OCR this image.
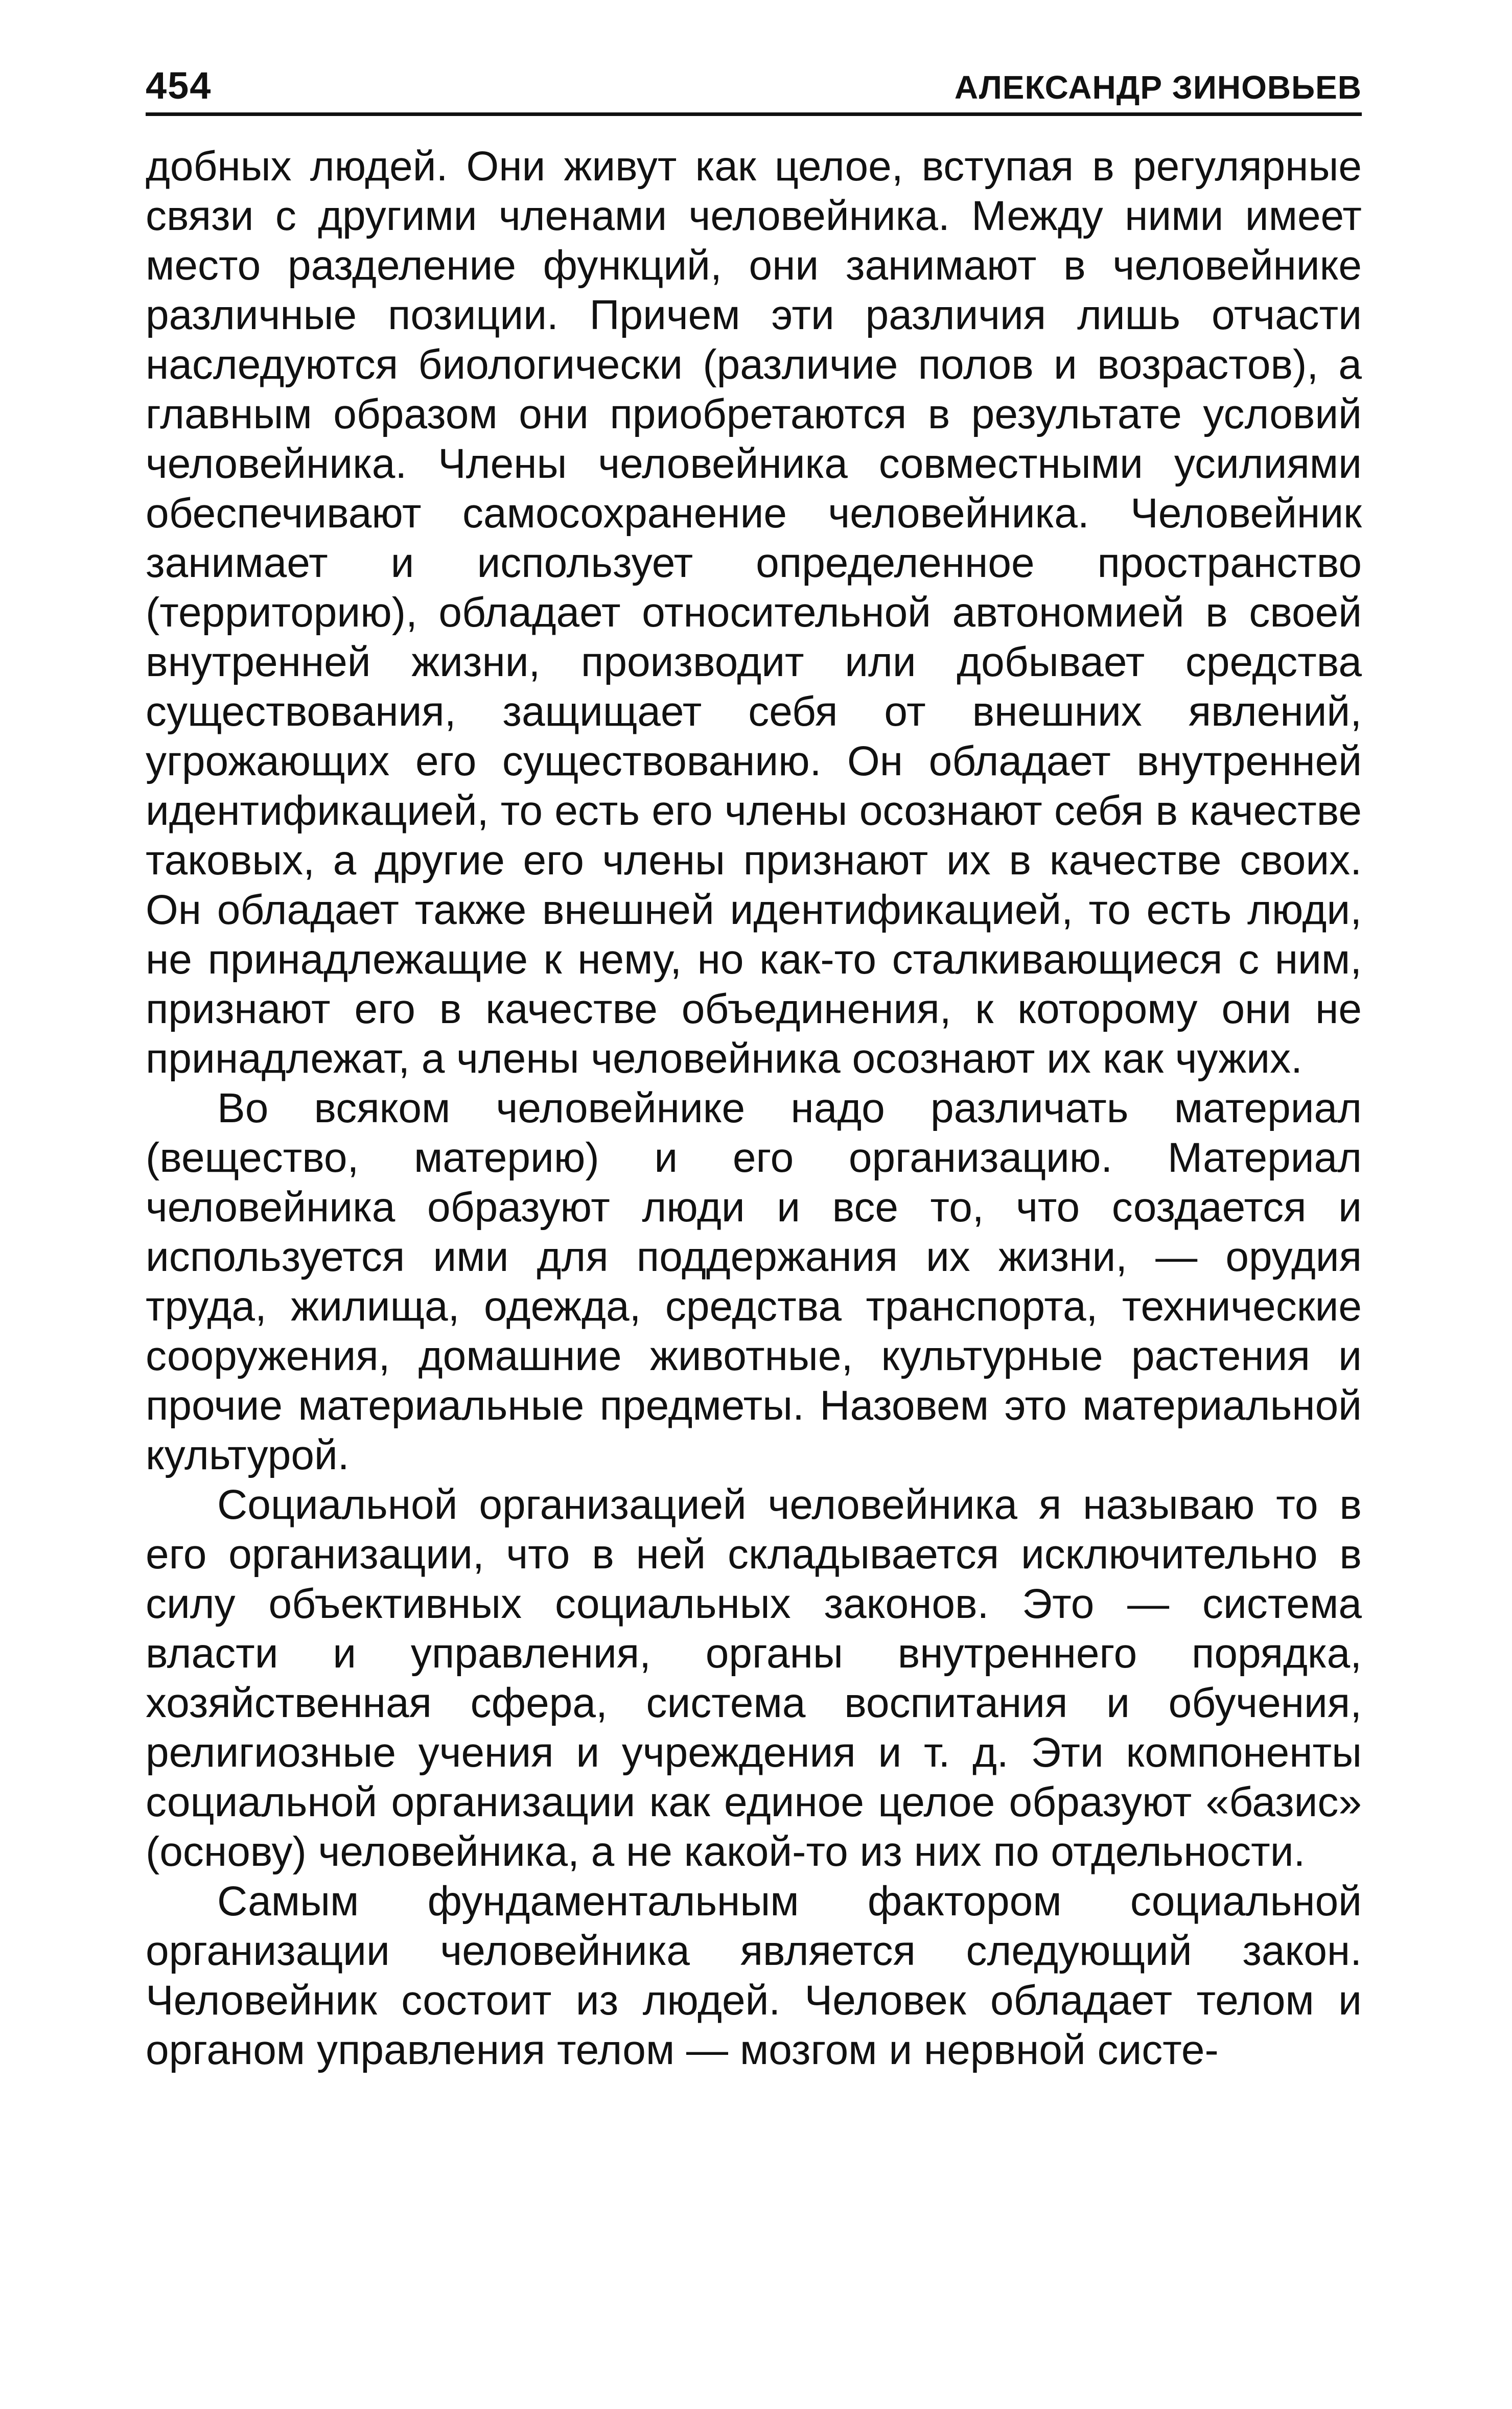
454	АЛЕКСАНДР ЗИНОВЬЕВ

добных людей. Они живут как целое, вступая в регулярные связи с другими членами человейника. Между ними имеет место разделение функций, они занимают в человейнике различные позиции. Причем эти различия лишь отчасти наследуются биологически (различие полов и возрастов), а главным образом они приобретаются в результате условий человейника. Члены человейника совместными усилиями обеспечивают самосохранение человейника. Человейник занимает и использует определенное пространство (территорию), обладает относительной автономией в своей внутренней жизни, производит или добывает средства существования, защищает себя от внешних явлений, угрожающих его существованию. Он обладает внутренней идентификацией, то есть его члены осознают себя в качестве таковых, а другие его члены признают их в качестве своих. Он обладает также внешней идентификацией, то есть люди, не принадлежащие к нему, но как-то сталкивающиеся с ним, признают его в качестве объединения, к которому они не принадлежат, а члены человейника осознают их как чужих.

Во всяком человейнике надо различать материал (вещество, материю) и его организацию. Материал человейника образуют люди и все то, что создается и используется ими для поддержания их жизни, — орудия труда, жилища, одежда, средства транспорта, технические сооружения, домашние животные, культурные растения и прочие материальные предметы. Назовем это материальной культурой.

Социальной организацией человейника я называю то в его организации, что в ней складывается исключительно в силу объективных социальных законов. Это — система власти и управления, органы внутреннего порядка, хозяйственная сфера, система воспитания и обучения, религиозные учения и учреждения и т. д. Эти компоненты социальной организации как единое целое образуют «базис» (основу) человейника, а не какой-то из них по отдельности.

Самым фундаментальным фактором социальной организации человейника является следующий закон. Человейник состоит из людей. Человек обладает телом и органом управления телом — мозгом и нервной систе-
